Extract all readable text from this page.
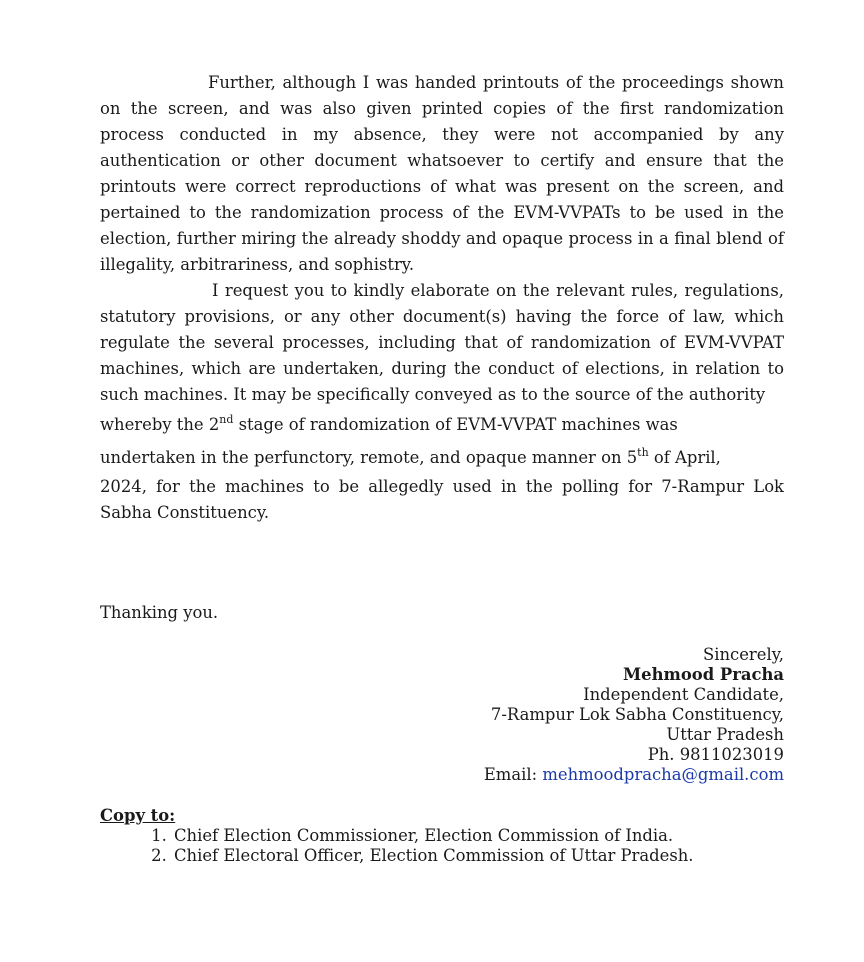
Further, although I was handed printouts of the proceedings shown on the screen, and was also given printed copies of the first randomization process conducted in my absence, they were not accompanied by any authentication or other document whatsoever to certify and ensure that the printouts were correct reproductions of what was present on the screen, and pertained to the randomization process of the EVM-VVPATs to be used in the election, further miring the already shoddy and opaque process in a final blend of illegality, arbitrariness, and sophistry.

I request you to kindly elaborate on the relevant rules, regulations, statutory provisions, or any other document(s) having the force of law, which regulate the several processes, including that of randomization of EVM-VVPAT machines, which are undertaken, during the conduct of elections, in relation to such machines. It may be specifically conveyed as to the source of the authority
whereby the 2nd stage of randomization of EVM-VVPAT machines was
undertaken in the perfunctory, remote, and opaque manner on 5th of April,
2024, for the machines to be allegedly used in the polling for 7-Rampur Lok Sabha Constituency.

Thanking you.

Sincerely,
Mehmood Pracha
Independent Candidate,
7-Rampur Lok Sabha Constituency,
Uttar Pradesh
Ph. 9811023019
Email: mehmoodpracha@gmail.com
Copy to:
1. Chief Election Commissioner, Election Commission of India.
2. Chief Electoral Officer, Election Commission of Uttar Pradesh.
